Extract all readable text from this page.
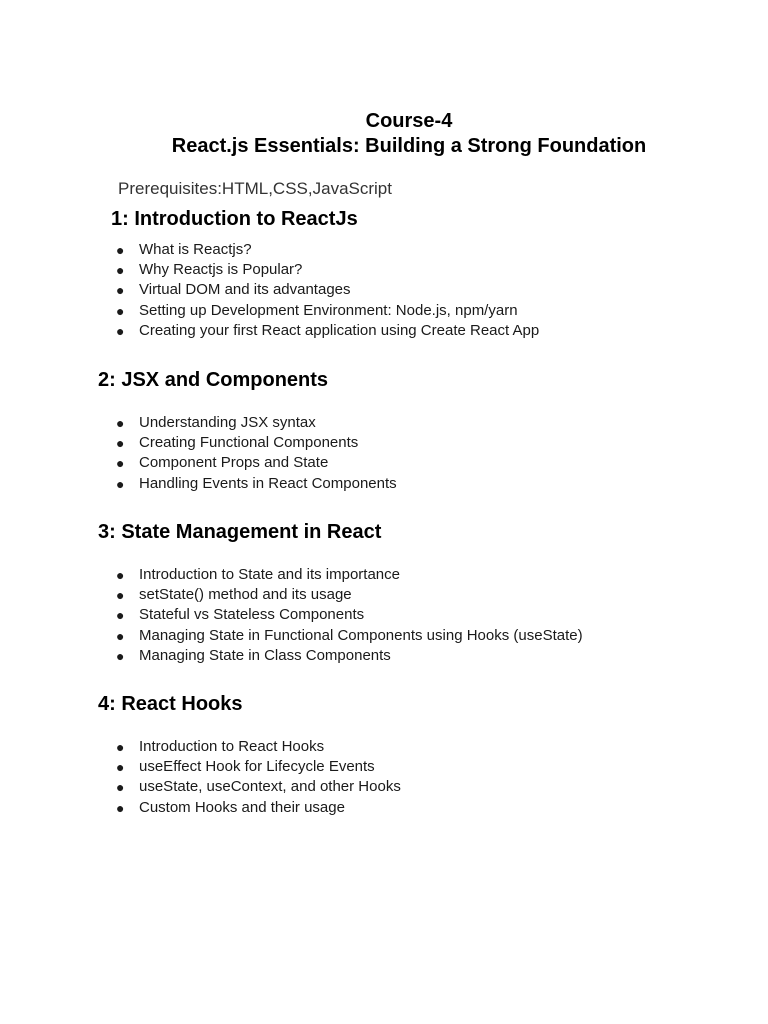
Course-4
React.js Essentials: Building a Strong Foundation
Prerequisites:HTML,CSS,JavaScript
1: Introduction to ReactJs
● What is Reactjs?
● Why Reactjs is Popular?
● Virtual DOM and its advantages
● Setting up Development Environment: Node.js, npm/yarn
● Creating your first React application using Create React App
2: JSX and Components
● Understanding JSX syntax
● Creating Functional Components
● Component Props and State
● Handling Events in React Components
3: State Management in React
● Introduction to State and its importance
● setState() method and its usage
● Stateful vs Stateless Components
● Managing State in Functional Components using Hooks (useState)
● Managing State in Class Components
4: React Hooks
● Introduction to React Hooks
● useEffect Hook for Lifecycle Events
● useState, useContext, and other Hooks
● Custom Hooks and their usage
